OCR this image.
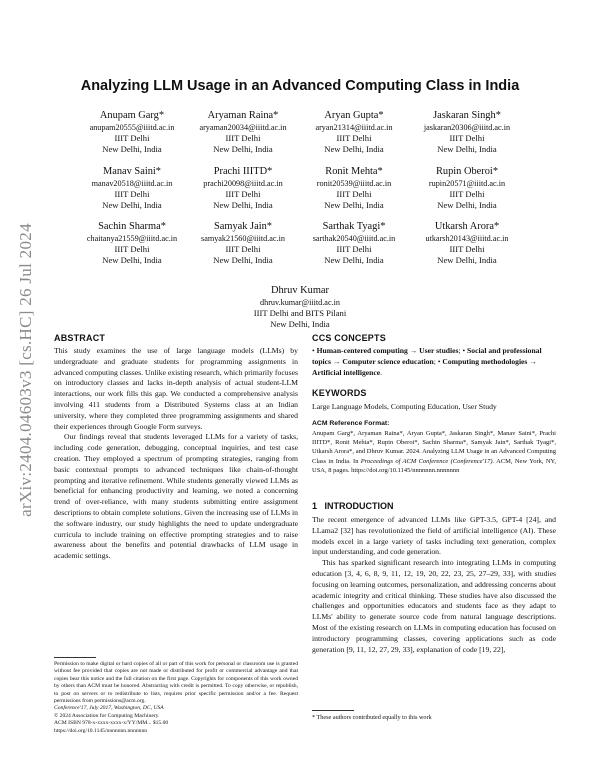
arXiv:2404.04603v3 [cs.HC] 26 Jul 2024
Analyzing LLM Usage in an Advanced Computing Class in India
Anupam Garg*
anupam20555@iiitd.ac.in
IIIT Delhi
New Delhi, India
Aryaman Raina*
aryaman20034@iiitd.ac.in
IIIT Delhi
New Delhi, India
Aryan Gupta*
aryan21314@iiitd.ac.in
IIIT Delhi
New Delhi, India
Jaskaran Singh*
jaskaran20306@iiitd.ac.in
IIIT Delhi
New Delhi, India
Manav Saini*
manav20518@iiitd.ac.in
IIIT Delhi
New Delhi, India
Prachi IIITD*
prachi20098@iiitd.ac.in
IIIT Delhi
New Delhi, India
Ronit Mehta*
ronit20539@iiitd.ac.in
IIIT Delhi
New Delhi, India
Rupin Oberoi*
rupin20571@iiitd.ac.in
IIIT Delhi
New Delhi, India
Sachin Sharma*
chaitanya21559@iiitd.ac.in
IIIT Delhi
New Delhi, India
Samyak Jain*
samyak21560@iiitd.ac.in
IIIT Delhi
New Delhi, India
Sarthak Tyagi*
sarthak20540@iiitd.ac.in
IIIT Delhi
New Delhi, India
Utkarsh Arora*
utkarsh20143@iiitd.ac.in
IIIT Delhi
New Delhi, India
Dhruv Kumar
dhruv.kumar@iiitd.ac.in
IIIT Delhi and BITS Pilani
New Delhi, India
ABSTRACT

This study examines the use of large language models (LLMs) by undergraduate and graduate students for programming assignments in advanced computing classes. Unlike existing research, which primarily focuses on introductory classes and lacks in-depth analysis of actual student-LLM interactions, our work fills this gap. We conducted a comprehensive analysis involving 411 students from a Distributed Systems class at an Indian university, where they completed three programming assignments and shared their experiences through Google Form surveys.

Our findings reveal that students leveraged LLMs for a variety of tasks, including code generation, debugging, conceptual inquiries, and test case creation. They employed a spectrum of prompting strategies, ranging from basic contextual prompts to advanced techniques like chain-of-thought prompting and iterative refinement. While students generally viewed LLMs as beneficial for enhancing productivity and learning, we noted a concerning trend of over-reliance, with many students submitting entire assignment descriptions to obtain complete solutions. Given the increasing use of LLMs in the software industry, our study highlights the need to update undergraduate curricula to include training on effective prompting strategies and to raise awareness about the benefits and potential drawbacks of LLM usage in academic settings.

Permission to make digital or hard copies of all or part of this work for personal or classroom use is granted without fee provided that copies are not made or distributed for profit or commercial advantage and that copies bear this notice and the full citation on the first page. Copyrights for components of this work owned by others than ACM must be honored. Abstracting with credit is permitted. To copy otherwise, or republish, to post on servers or to redistribute to lists, requires prior specific permission and/or a fee. Request permissions from permissions@acm.org.
Conference'17, July 2017, Washington, DC, USA
© 2024 Association for Computing Machinery.
ACM ISBN 978-x-xxxx-xxxx-x/YY/MM... $15.00
https://doi.org/10.1145/nnnnnnn.nnnnnnn
CCS CONCEPTS
• Human-centered computing → User studies; • Social and professional topics → Computer science education; • Computing methodologies → Artificial intelligence.
KEYWORDS
Large Language Models, Computing Education, User Study
ACM Reference Format:
Anupam Garg*, Aryaman Raina*, Aryan Gupta*, Jaskaran Singh*, Manav Saini*, Prachi IIITD*, Ronit Mehta*, Rupin Oberoi*, Sachin Sharma*, Samyak Jain*, Sarthak Tyagi*, Utkarsh Arora*, and Dhruv Kumar. 2024. Analyzing LLM Usage in an Advanced Computing Class in India. In Proceedings of ACM Conference (Conference'17). ACM, New York, NY, USA, 8 pages. https://doi.org/10.1145/nnnnnnn.nnnnnnn
1   INTRODUCTION

The recent emergence of advanced LLMs like GPT-3.5, GPT-4 [24], and LLama2 [32] has revolutionized the field of artificial intelligence (AI). These models excel in a large variety of tasks including text generation, complex input understanding, and code generation.

This has sparked significant research into integrating LLMs in computing education [3, 4, 6, 8, 9, 11, 12, 19, 20, 22, 23, 25, 27–29, 33], with studies focusing on learning outcomes, personalization, and addressing concerns about academic integrity and critical thinking. These studies have also discussed the challenges and opportunities educators and students face as they adapt to LLMs' ability to generate source code from natural language descriptions. Most of the existing research on LLMs in computing education has focused on introductory programming classes, covering applications such as code generation [9, 11, 12, 27, 29, 33], explanation of code [19, 22],

* These authors contributed equally to this work
